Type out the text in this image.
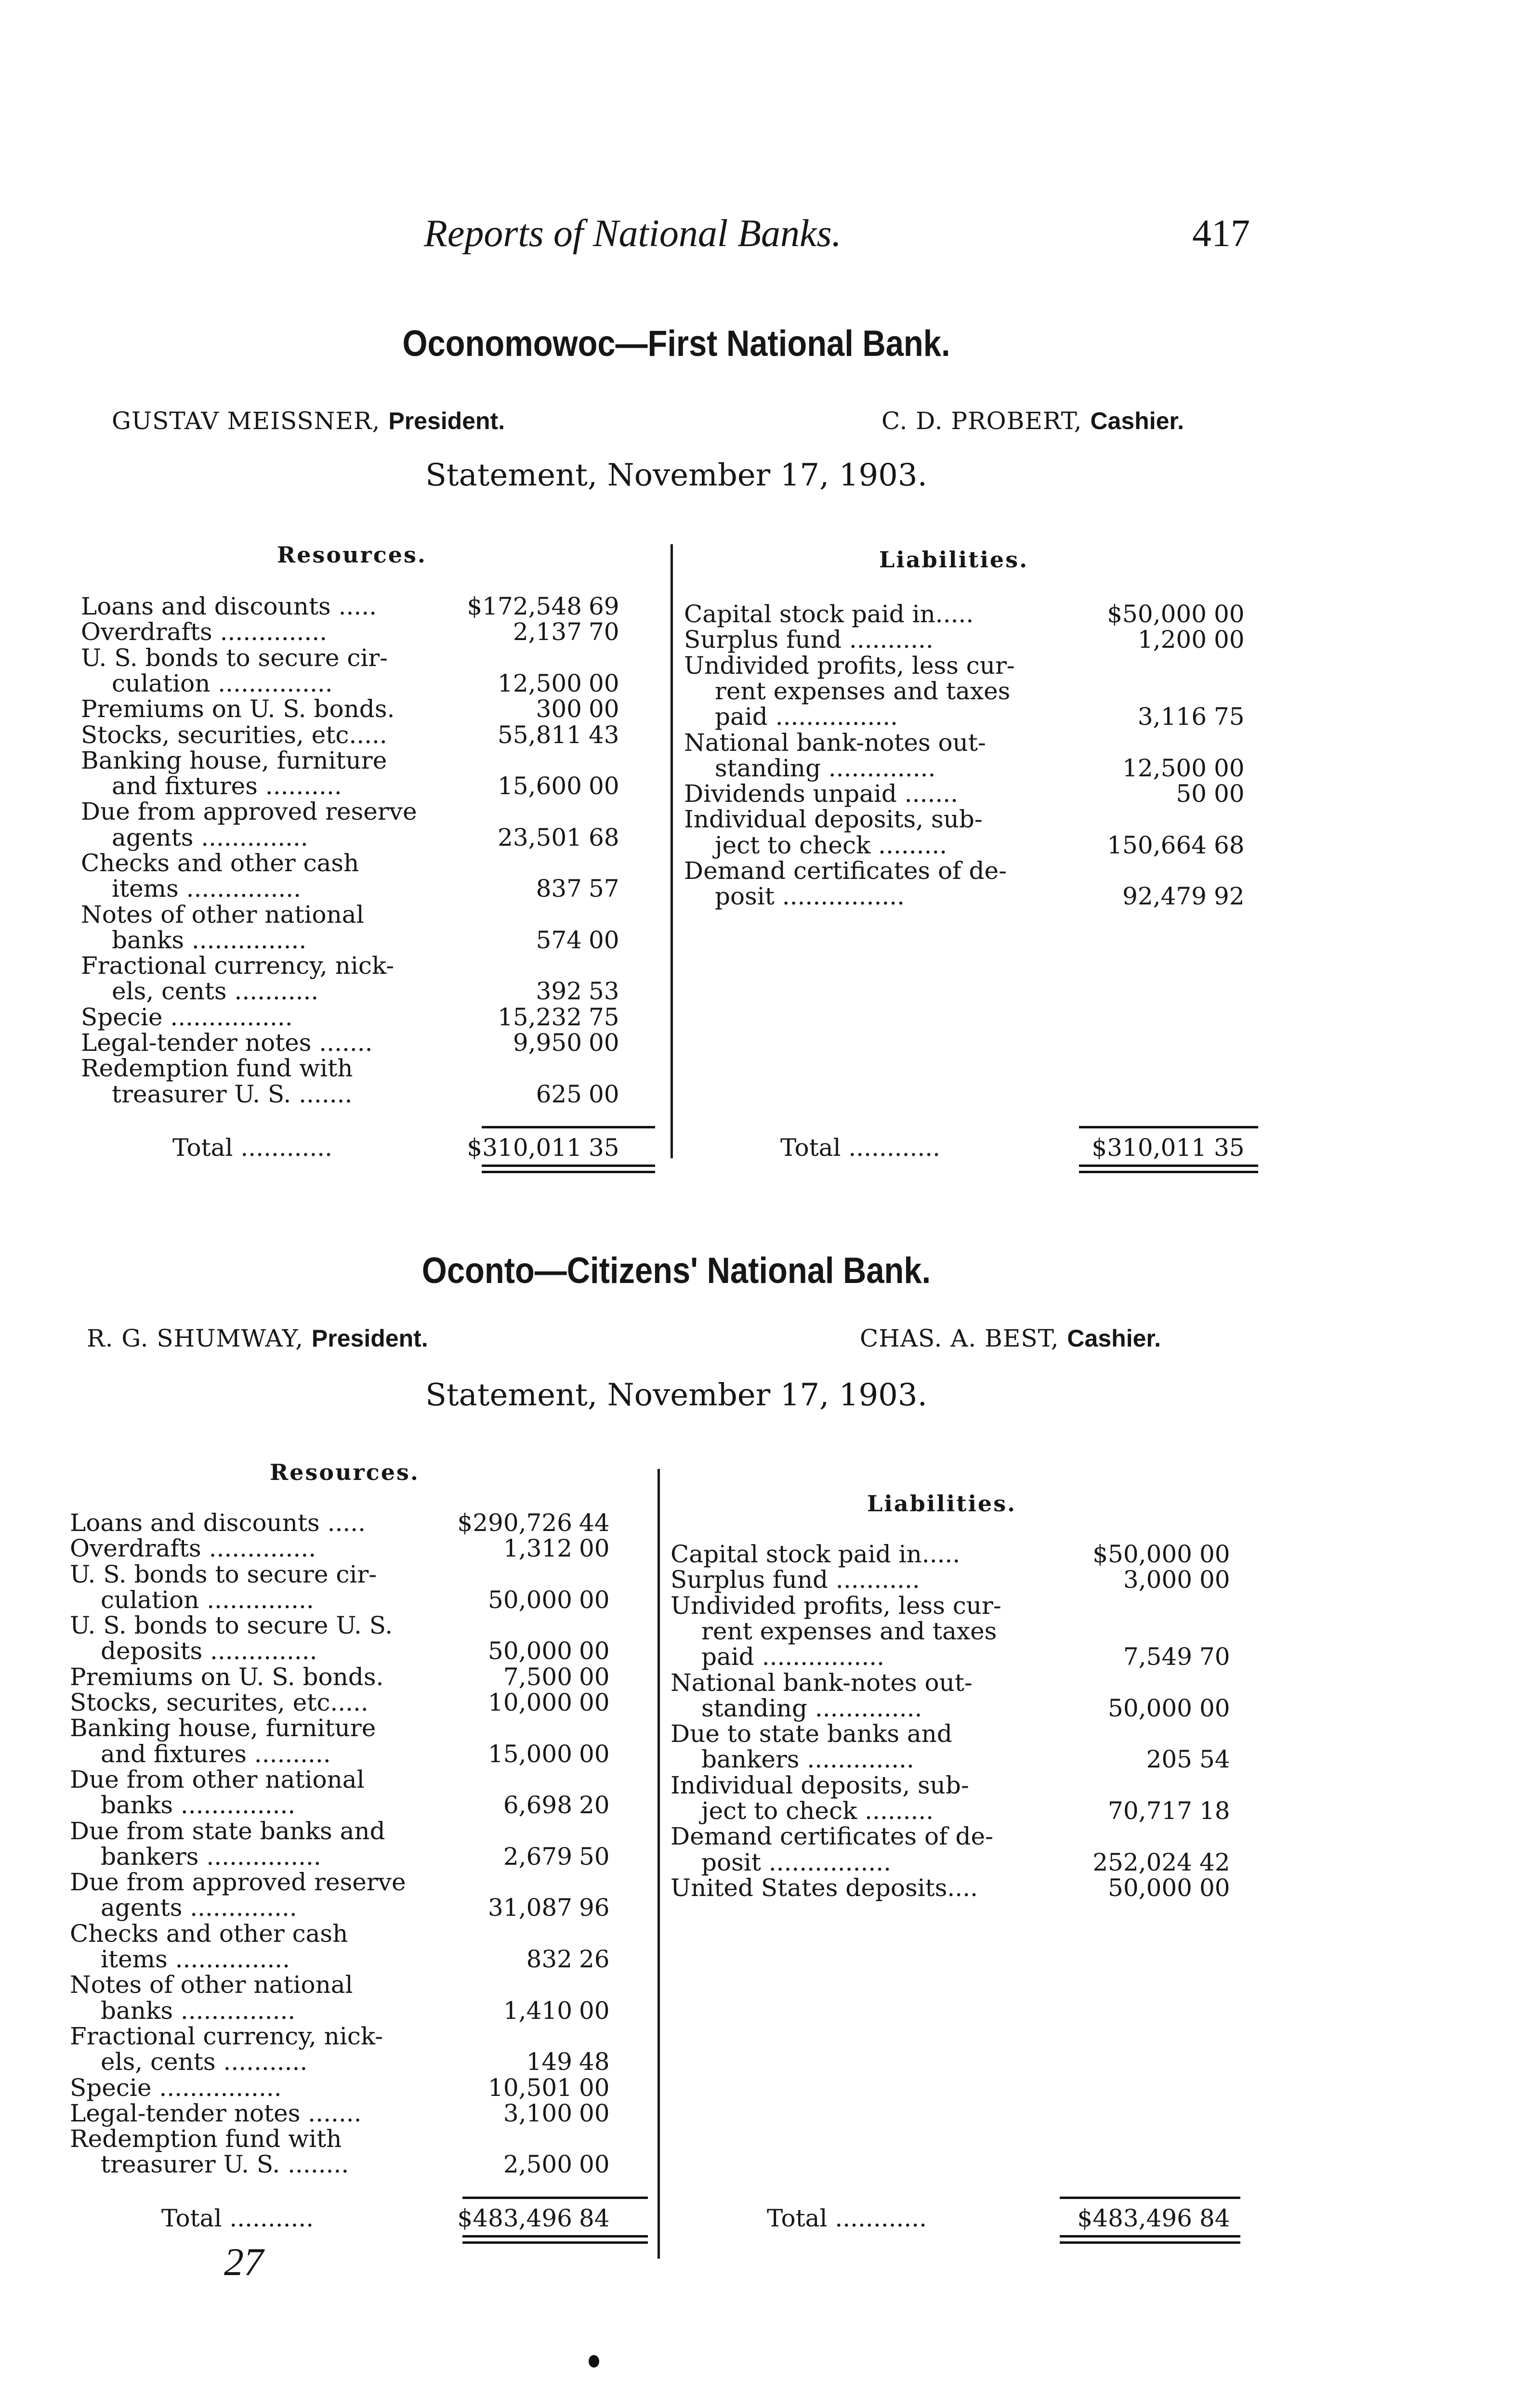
Reports of National Banks.	417
Oconomowoc—First National Bank.
GUSTAV MEISSNER, President.	C. D. PROBERT, Cashier.
Statement, November 17, 1903.
Resources.	Liabilities.
Loans and discounts .....	$172,548 69
Overdrafts ..............	2,137 70
U. S. bonds to secure cir-
culation ...............	12,500 00
Premiums on U. S. bonds.	300 00
Stocks, securities, etc.....	55,811 43
Banking house, furniture
and fixtures ..........	15,600 00
Due from approved reserve
agents ..............	23,501 68
Checks and other cash
items ...............	837 57
Notes of other national
banks ...............	574 00
Fractional currency, nick-
els, cents ...........	392 53
Specie ................	15,232 75
Legal-tender notes .......	9,950 00
Redemption fund with
treasurer U. S. .......	625 00
Total ............	$310,011 35
Capital stock paid in.....	$50,000 00
Surplus fund ...........	1,200 00
Undivided profits, less cur-
rent expenses and taxes
paid ................	3,116 75
National bank-notes out-
standing ..............	12,500 00
Dividends unpaid .......	50 00
Individual deposits, sub-
ject to check .........	150,664 68
Demand certificates of de-
posit ................	92,479 92
Total ............	$310,011 35
Oconto—Citizens' National Bank.
R. G. SHUMWAY, President.	CHAS. A. BEST, Cashier.
Statement, November 17, 1903.
Resources.
Liabilities.
Loans and discounts .....	$290,726 44
Overdrafts ..............	1,312 00
U. S. bonds to secure cir-
culation ..............	50,000 00
U. S. bonds to secure U. S.
deposits ..............	50,000 00
Premiums on U. S. bonds.	7,500 00
Stocks, securites, etc.....	10,000 00
Banking house, furniture
and fixtures ..........	15,000 00
Due from other national
banks ...............	6,698 20
Due from state banks and
bankers ...............	2,679 50
Due from approved reserve
agents ..............	31,087 96
Checks and other cash
items ...............	832 26
Notes of other national
banks ...............	1,410 00
Fractional currency, nick-
els, cents ...........	149 48
Specie ................	10,501 00
Legal-tender notes .......	3,100 00
Redemption fund with
treasurer U. S. ........	2,500 00
Total ...........	$483,496 84
Capital stock paid in.....	$50,000 00
Surplus fund ...........	3,000 00
Undivided profits, less cur-
rent expenses and taxes
paid ................	7,549 70
National bank-notes out-
standing ..............	50,000 00
Due to state banks and
bankers ..............	205 54
Individual deposits, sub-
ject to check .........	70,717 18
Demand certificates of de-
posit ................	252,024 42
United States deposits....	50,000 00
Total ............	$483,496 84
27
